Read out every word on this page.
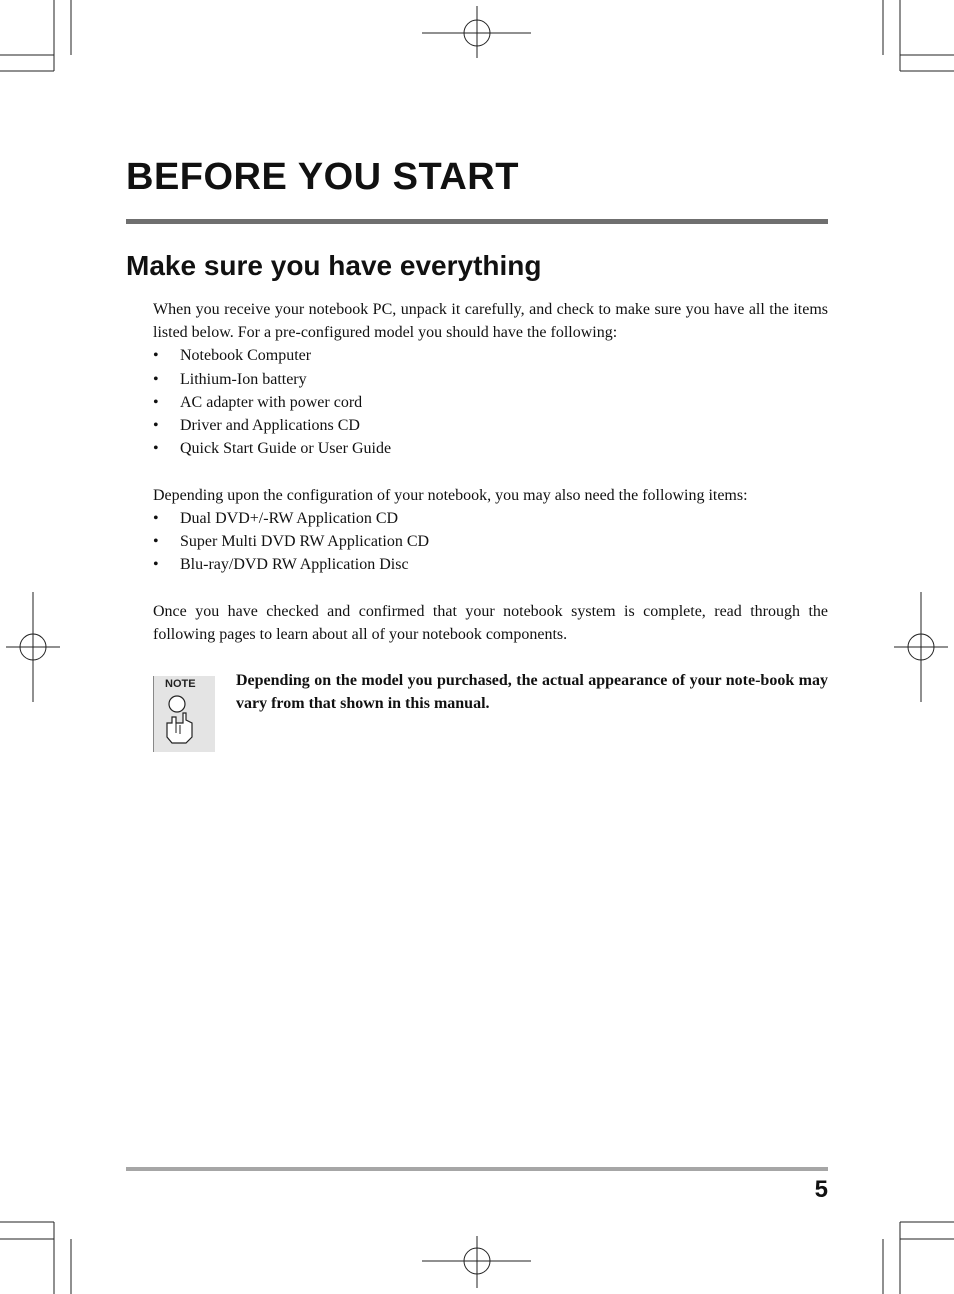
BEFORE YOU START
Make sure you have everything

When you receive your notebook PC, unpack it carefully, and check to make sure you have all the items listed below. For a pre-configured model you should have the following:

• Notebook Computer
• Lithium-Ion battery
• AC adapter with power cord
• Driver and Applications CD
• Quick Start Guide or User Guide

Depending upon the configuration of your notebook, you may also need the following items:

• Dual DVD+/-RW Application CD
• Super Multi DVD RW Application CD
• Blu-ray/DVD RW Application Disc

Once you have checked and confirmed that your notebook system is complete, read through the following pages to learn about all of your notebook components.

NOTE	Depending on the model you purchased, the actual appearance of your note-book may vary from that shown in this manual.

5
